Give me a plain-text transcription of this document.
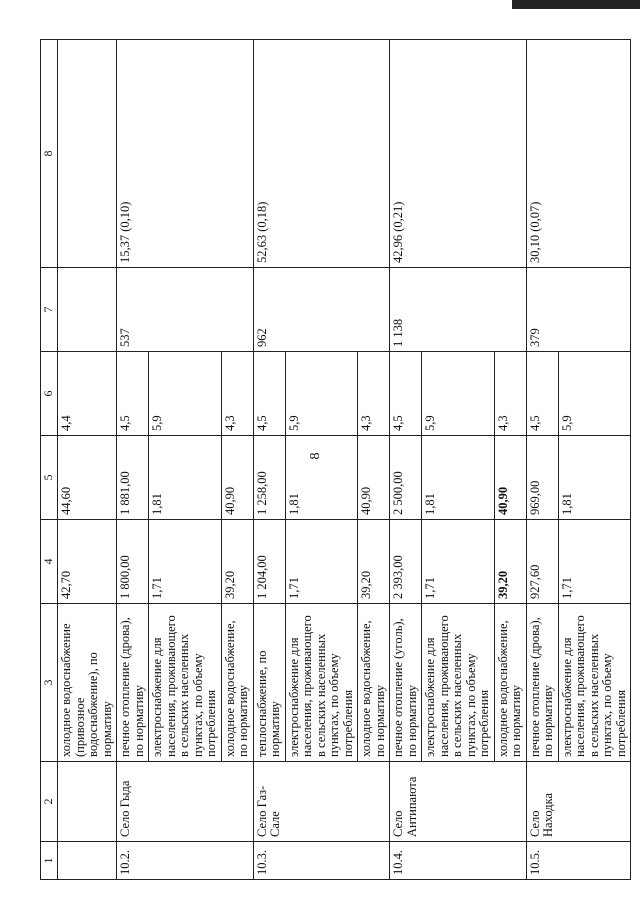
8
1	2	3	4	5	6	7	8
		холодное водоснабжение (привозное водоснабжение), по нормативу	42,70	44,60	4,4		
10.2.	Село Гыда	печное отопление (дрова), по нормативу	1 800,00	1 881,00	4,5	537	15,37 (0,10)
		электроснабжение для населения, проживающего в сельских населенных пунктах, по объему потребления	1,71	1,81	5,9		
		холодное водоснабжение, по нормативу	39,20	40,90	4,3		
10.3.	Село Газ-Сале	теплоснабжение, по нормативу	1 204,00	1 258,00	4,5	962	52,63 (0,18)
		электроснабжение для населения, проживающего в сельских населенных пунктах, по объему потребления	1,71	1,81	5,9		
		холодное водоснабжение, по нормативу	39,20	40,90	4,3		
10.4.	Село Антипаюта	печное отопление (уголь), по нормативу	2 393,00	2 500,00	4,5	1 138	42,96 (0,21)
		электроснабжение для населения, проживающего в сельских населенных пунктах, по объему потребления	1,71	1,81	5,9		
		холодное водоснабжение, по нормативу	39,20	40,90	4,3		
10.5.	Село Находка	печное отопление (дрова), по нормативу	927,60	969,00	4,5	379	30,10 (0,07)
		электроснабжение для населения, проживающего в сельских населенных пунктах, по объему потребления	1,71	1,81	5,9		
